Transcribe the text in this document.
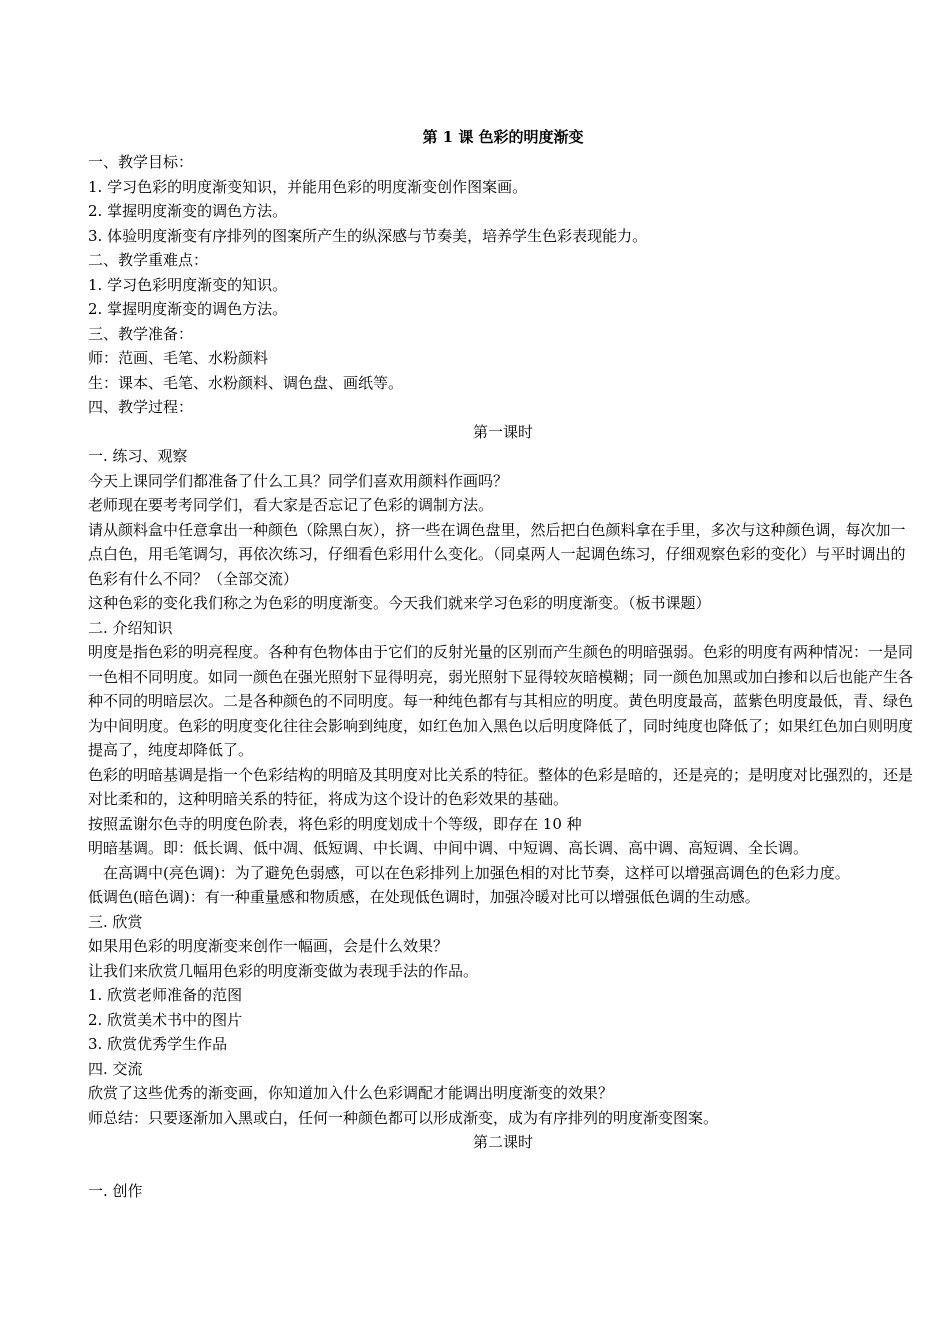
第 1 课 色彩的明度渐变
一、教学目标：
1. 学习色彩的明度渐变知识，并能用色彩的明度渐变创作图案画。
2. 掌握明度渐变的调色方法。
3. 体验明度渐变有序排列的图案所产生的纵深感与节奏美，培养学生色彩表现能力。
二、教学重难点：
1. 学习色彩明度渐变的知识。
2. 掌握明度渐变的调色方法。
三、教学准备：
师：范画、毛笔、水粉颜料
生：课本、毛笔、水粉颜料、调色盘、画纸等。
四、教学过程：
第一课时
一. 练习、观察
今天上课同学们都准备了什么工具？同学们喜欢用颜料作画吗？
老师现在要考考同学们，看大家是否忘记了色彩的调制方法。
请从颜料盒中任意拿出一种颜色（除黑白灰），挤一些在调色盘里，然后把白色颜料拿在手里，多次与这种颜色调，每次加一点白色，用毛笔调匀，再依次练习，仔细看色彩用什么变化。（同桌两人一起调色练习，仔细观察色彩的变化）与平时调出的色彩有什么不同？（全部交流）
这种色彩的变化我们称之为色彩的明度渐变。今天我们就来学习色彩的明度渐变。（板书课题）
二. 介绍知识
明度是指色彩的明亮程度。各种有色物体由于它们的反射光量的区别而产生颜色的明暗强弱。色彩的明度有两种情况：一是同一色相不同明度。如同一颜色在强光照射下显得明亮，弱光照射下显得较灰暗模糊；同一颜色加黑或加白掺和以后也能产生各种不同的明暗层次。二是各种颜色的不同明度。每一种纯色都有与其相应的明度。黄色明度最高，蓝紫色明度最低，青、绿色为中间明度。色彩的明度变化往往会影响到纯度，如红色加入黑色以后明度降低了，同时纯度也降低了；如果红色加白则明度提高了，纯度却降低了。
色彩的明暗基调是指一个色彩结构的明暗及其明度对比关系的特征。整体的色彩是暗的，还是亮的；是明度对比强烈的，还是对比柔和的，这种明暗关系的特征，将成为这个设计的色彩效果的基础。
按照孟谢尔色寺的明度色阶表，将色彩的明度划成十个等级，即存在 10 种
明暗基调。即：低长调、低中凋、低短调、中长调、中间中调、中短调、高长调、高中调、高短调、全长调。
在高调中(亮色调)：为了避免色弱感，可以在色彩排列上加强色相的对比节奏，这样可以增强高调色的色彩力度。
低调色(暗色调)：有一种重量感和物质感，在处现低色调时，加强冷暖对比可以增强低色调的生动感。
三. 欣赏
如果用色彩的明度渐变来创作一幅画，会是什么效果？
让我们来欣赏几幅用色彩的明度渐变做为表现手法的作品。
1. 欣赏老师准备的范图
2. 欣赏美术书中的图片
3. 欣赏优秀学生作品
四. 交流
欣赏了这些优秀的渐变画，你知道加入什么色彩调配才能调出明度渐变的效果？
师总结：只要逐渐加入黑或白，任何一种颜色都可以形成渐变，成为有序排列的明度渐变图案。
第二课时
一. 创作
